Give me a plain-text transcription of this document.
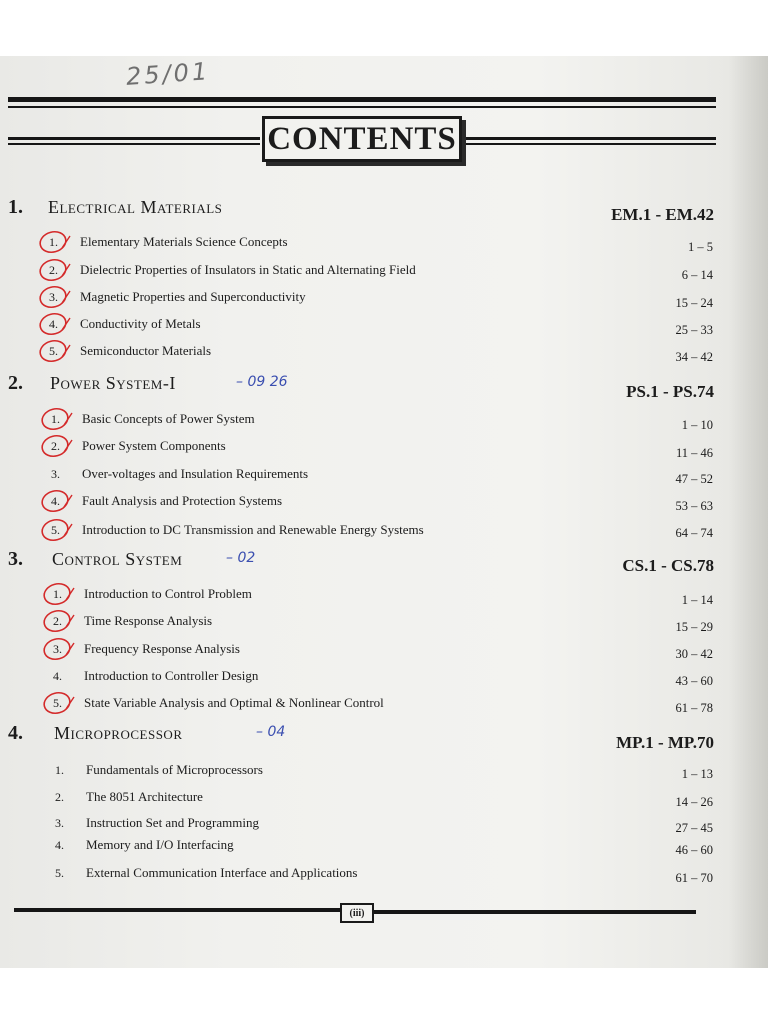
25/01
CONTENTS
1. Electrical Materials	EM.1 - EM.42
1. Elementary Materials Science Concepts	1 – 5
2. Dielectric Properties of Insulators in Static and Alternating Field	6 – 14
3. Magnetic Properties and Superconductivity	15 – 24
4. Conductivity of Metals	25 – 33
5. Semiconductor Materials	34 – 42
2. Power System-I	PS.1 - PS.74
– 09 26
1. Basic Concepts of Power System	1 – 10
2. Power System Components	11 – 46
3. Over-voltages and Insulation Requirements	47 – 52
4. Fault Analysis and Protection Systems	53 – 63
5. Introduction to DC Transmission and Renewable Energy Systems	64 – 74
3. Control System	CS.1 - CS.78
– 02
1. Introduction to Control Problem	1 – 14
2. Time Response Analysis	15 – 29
3. Frequency Response Analysis	30 – 42
4. Introduction to Controller Design	43 – 60
5. State Variable Analysis and Optimal & Nonlinear Control	61 – 78
4. Microprocessor	MP.1 - MP.70
– 04
1. Fundamentals of Microprocessors	1 – 13
2. The 8051 Architecture	14 – 26
3. Instruction Set and Programming	27 – 45
4. Memory and I/O Interfacing	46 – 60
5. External Communication Interface and Applications	61 – 70
(iii)
